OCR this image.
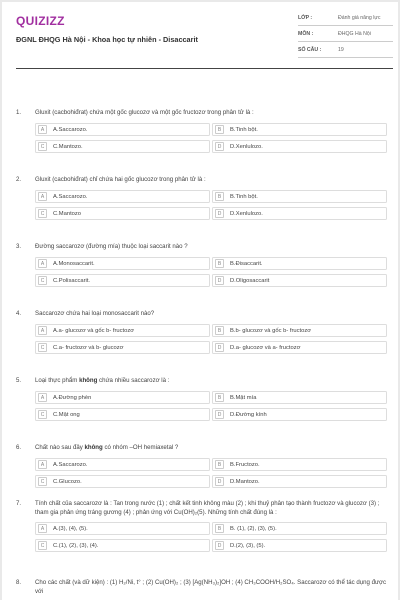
QUIZIZZ
ĐGNL ĐHQG Hà Nội - Khoa học tự nhiên - Disaccarit
LỚP :	Đánh giá năng lực
MÔN :	ĐHQG Hà Nội
SỐ CÂU :	19
1.	Gluxit (cacbohiđrat) chứa một gốc glucozơ và một gốc fructozơ trong phân tử là :
A	A.Saccarozo.	B	B.Tinh bột.
C	C.Mantozo.	D	D.Xenlulozo.
2.	Gluxit (cacbohiđrat) chỉ chứa hai gốc glucozơ trong phân tử là :
A	A.Saccarozo.	B	B.Tinh bột.
C	C.Mantozo	D	D.Xenlulozo.
3.	Đường saccarozơ (đường mía) thuộc loại saccarit nào ?
A	A.Monosaccarit.	B	B.Đisaccarit.
C	C.Polisaccarit.	D	D.Oligosaccarit
4.	Saccarozơ chứa hai loại monosaccarit nào?
A	A.a- glucozơ và gốc b- fructozơ	B	B.b- glucozơ và gốc b- fructozơ
C	C.a- fructozơ và b- glucozơ	D	D.a- glucozơ và a- fructozơ
5.	Loại thực phẩm không chứa nhiều saccarozơ là :
A	A.Đường phèn	B	B.Mật mía
C	C.Mật ong	D	D.Đường kính
6.	Chất nào sau đây không có nhóm –OH hemiaxetal ?
A	A.Saccarozo.	B	B.Fructozo.
C	C.Glucozo.	D	D.Mantozo.
7.	Tính chất của saccarozơ là : Tan trong nước (1) ; chất kết tinh không màu (2) ; khi thuỷ phân tạo thành fructozơ và glucozơ (3) ; tham gia phản ứng tráng gương (4) ; phản ứng với Cu(OH)₂(5). Những tính chất đúng là :
A	A.(3), (4), (5).	B	B. (1), (2), (3), (5).
C	C.(1), (2), (3), (4).	D	D.(2), (3), (5).
8.	Cho các chất (và dữ kiện) : (1) H₂/Ni, t° ; (2) Cu(OH)₂ ; (3) [Ag(NH₃)₂]OH ; (4) CH₃COOH/H₂SO₄. Saccarozơ có thể tác dụng được với
